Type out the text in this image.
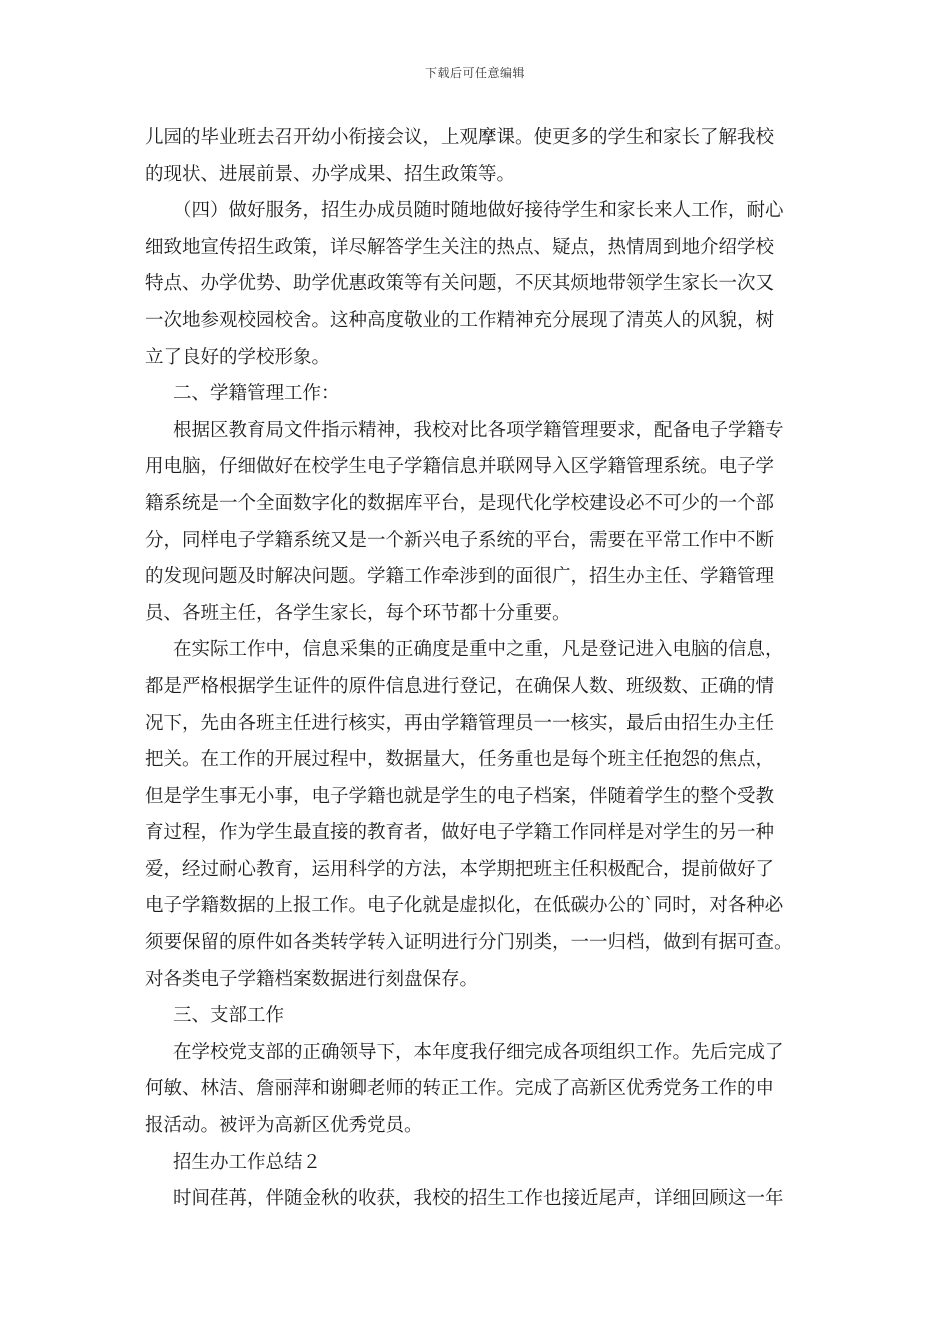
下载后可任意编辑
儿园的毕业班去召开幼小衔接会议，上观摩课。使更多的学生和家长了解我校
的现状、进展前景、办学成果、招生政策等。
（四）做好服务，招生办成员随时随地做好接待学生和家长来人工作，耐心
细致地宣传招生政策，详尽解答学生关注的热点、疑点，热情周到地介绍学校
特点、办学优势、助学优惠政策等有关问题，不厌其烦地带领学生家长一次又
一次地参观校园校舍。这种高度敬业的工作精神充分展现了清英人的风貌，树
立了良好的学校形象。
二、学籍管理工作：
根据区教育局文件指示精神，我校对比各项学籍管理要求，配备电子学籍专
用电脑，仔细做好在校学生电子学籍信息并联网导入区学籍管理系统。电子学
籍系统是一个全面数字化的数据库平台，是现代化学校建设必不可少的一个部
分，同样电子学籍系统又是一个新兴电子系统的平台，需要在平常工作中不断
的发现问题及时解决问题。学籍工作牵涉到的面很广，招生办主任、学籍管理
员、各班主任，各学生家长，每个环节都十分重要。
在实际工作中，信息采集的正确度是重中之重，凡是登记进入电脑的信息，
都是严格根据学生证件的原件信息进行登记，在确保人数、班级数、正确的情
况下，先由各班主任进行核实，再由学籍管理员一一核实，最后由招生办主任
把关。在工作的开展过程中，数据量大，任务重也是每个班主任抱怨的焦点，
但是学生事无小事，电子学籍也就是学生的电子档案，伴随着学生的整个受教
育过程，作为学生最直接的教育者，做好电子学籍工作同样是对学生的另一种
爱，经过耐心教育，运用科学的方法，本学期把班主任积极配合，提前做好了
电子学籍数据的上报工作。电子化就是虚拟化，在低碳办公的`同时，对各种必
须要保留的原件如各类转学转入证明进行分门别类，一一归档，做到有据可查。
对各类电子学籍档案数据进行刻盘保存。
三、支部工作
在学校党支部的正确领导下，本年度我仔细完成各项组织工作。先后完成了
何敏、林洁、詹丽萍和谢卿老师的转正工作。完成了高新区优秀党务工作的申
报活动。被评为高新区优秀党员。
招生办工作总结２
时间荏苒，伴随金秋的收获，我校的招生工作也接近尾声，详细回顾这一年
